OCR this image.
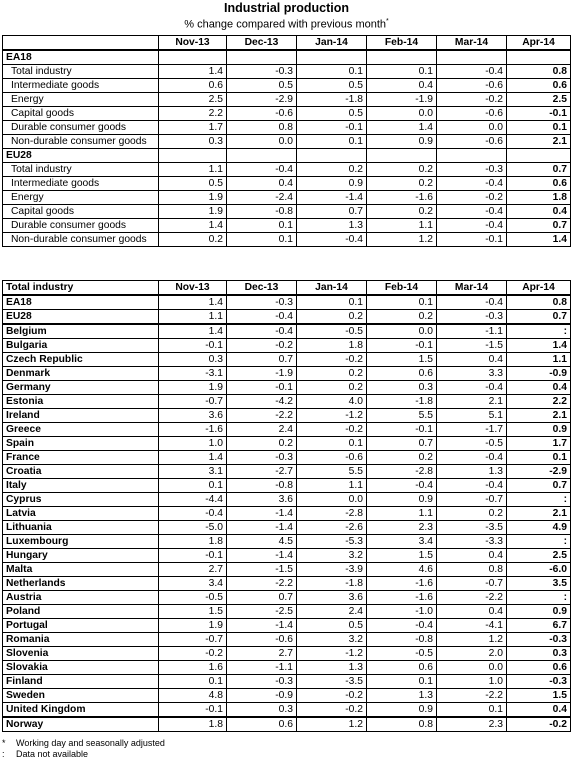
Industrial production
% change compared with previous month*
	Nov-13	Dec-13	Jan-14	Feb-14	Mar-14	Apr-14
EA18						
Total industry	1.4	-0.3	0.1	0.1	-0.4	0.8
Intermediate goods	0.6	0.5	0.5	0.4	-0.6	0.6
Energy	2.5	-2.9	-1.8	-1.9	-0.2	2.5
Capital goods	2.2	-0.6	0.5	0.0	-0.6	-0.1
Durable consumer goods	1.7	0.8	-0.1	1.4	0.0	0.1
Non-durable consumer goods	0.3	0.0	0.1	0.9	-0.6	2.1
EU28						
Total industry	1.1	-0.4	0.2	0.2	-0.3	0.7
Intermediate goods	0.5	0.4	0.9	0.2	-0.4	0.6
Energy	1.9	-2.4	-1.4	-1.6	-0.2	1.8
Capital goods	1.9	-0.8	0.7	0.2	-0.4	0.4
Durable consumer goods	1.4	0.1	1.3	1.1	-0.4	0.7
Non-durable consumer goods	0.2	0.1	-0.4	1.2	-0.1	1.4
Total industry	Nov-13	Dec-13	Jan-14	Feb-14	Mar-14	Apr-14
EA18	1.4	-0.3	0.1	0.1	-0.4	0.8
EU28	1.1	-0.4	0.2	0.2	-0.3	0.7
Belgium	1.4	-0.4	-0.5	0.0	-1.1	:
Bulgaria	-0.1	-0.2	1.8	-0.1	-1.5	1.4
Czech Republic	0.3	0.7	-0.2	1.5	0.4	1.1
Denmark	-3.1	-1.9	0.2	0.6	3.3	-0.9
Germany	1.9	-0.1	0.2	0.3	-0.4	0.4
Estonia	-0.7	-4.2	4.0	-1.8	2.1	2.2
Ireland	3.6	-2.2	-1.2	5.5	5.1	2.1
Greece	-1.6	2.4	-0.2	-0.1	-1.7	0.9
Spain	1.0	0.2	0.1	0.7	-0.5	1.7
France	1.4	-0.3	-0.6	0.2	-0.4	0.1
Croatia	3.1	-2.7	5.5	-2.8	1.3	-2.9
Italy	0.1	-0.8	1.1	-0.4	-0.4	0.7
Cyprus	-4.4	3.6	0.0	0.9	-0.7	:
Latvia	-0.4	-1.4	-2.8	1.1	0.2	2.1
Lithuania	-5.0	-1.4	-2.6	2.3	-3.5	4.9
Luxembourg	1.8	4.5	-5.3	3.4	-3.3	:
Hungary	-0.1	-1.4	3.2	1.5	0.4	2.5
Malta	2.7	-1.5	-3.9	4.6	0.8	-6.0
Netherlands	3.4	-2.2	-1.8	-1.6	-0.7	3.5
Austria	-0.5	0.7	3.6	-1.6	-2.2	:
Poland	1.5	-2.5	2.4	-1.0	0.4	0.9
Portugal	1.9	-1.4	0.5	-0.4	-4.1	6.7
Romania	-0.7	-0.6	3.2	-0.8	1.2	-0.3
Slovenia	-0.2	2.7	-1.2	-0.5	2.0	0.3
Slovakia	1.6	-1.1	1.3	0.6	0.0	0.6
Finland	0.1	-0.3	-3.5	0.1	1.0	-0.3
Sweden	4.8	-0.9	-0.2	1.3	-2.2	1.5
United Kingdom	-0.1	0.3	-0.2	0.9	0.1	0.4
Norway	1.8	0.6	1.2	0.8	2.3	-0.2
* Working day and seasonally adjusted
: Data not available
